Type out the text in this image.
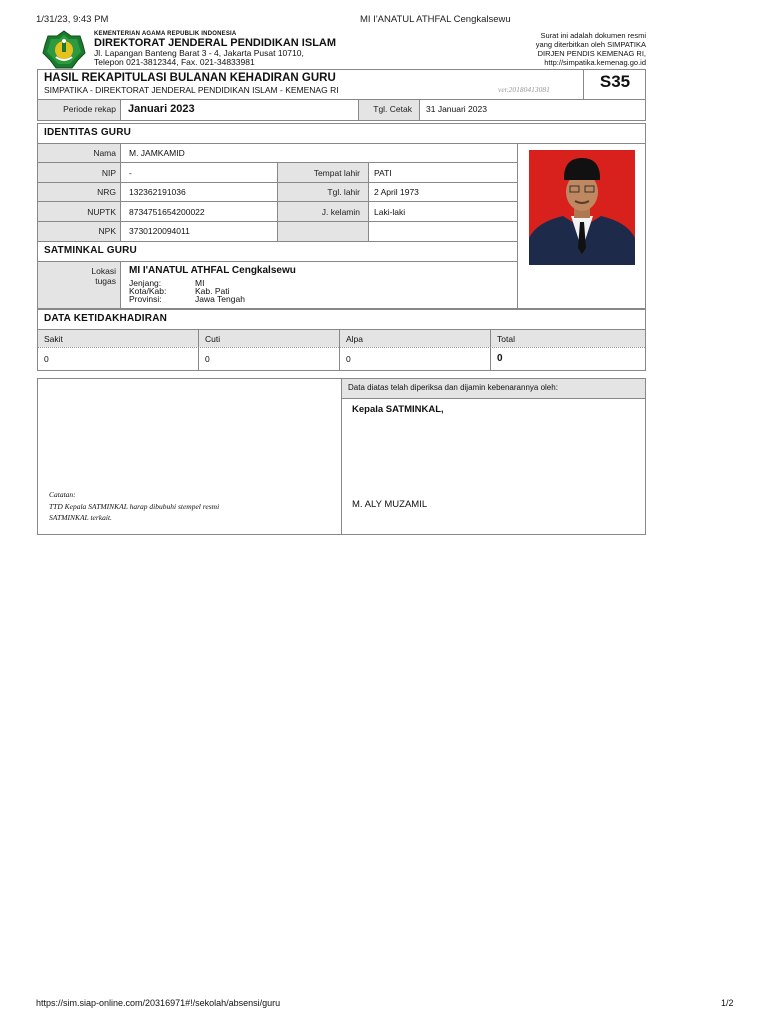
1/31/23, 9:43 PM	MI I'ANATUL ATHFAL Cengkalsewu
KEMENTERIAN AGAMA REPUBLIK INDONESIA
DIREKTORAT JENDERAL PENDIDIKAN ISLAM
Jl. Lapangan Banteng Barat 3 - 4, Jakarta Pusat 10710,
Telepon 021-3812344, Fax. 021-34833981
Surat ini adalah dokumen resmi
yang diterbitkan oleh SIMPATIKA
DIRJEN PENDIS KEMENAG RI,
http://simpatika.kemenag.go.id
HASIL REKAPITULASI BULANAN KEHADIRAN GURU
SIMPATIKA - DIREKTORAT JENDERAL PENDIDIKAN ISLAM - KEMENAG RI	ver.20180413081	S35
Periode rekap Januari 2023	Tgl. Cetak 31 Januari 2023
IDENTITAS GURU
Nama M. JAMKAMID
NIP -	Tempat lahir PATI
NRG 132362191036	Tgl. lahir 2 April 1973
NUPTK 8734751654200022	J. kelamin Laki-laki
NPK 3730120094011
SATMINKAL GURU
Lokasi
tugas
MI I'ANATUL ATHFAL Cengkalsewu
Jenjang:	MI
Kota/Kab:	Kab. Pati
Provinsi:	Jawa Tengah
DATA KETIDAKHADIRAN
Sakit	Cuti	Alpa	Total
0	0	0	0
Data diatas telah diperiksa dan dijamin kebenarannya oleh:
Kepala SATMINKAL,
M. ALY MUZAMIL
Catatan:
TTD Kepala SATMINKAL harap dibubuhi stempel resmi
SATMINKAL terkait.
https://sim.siap-online.com/20316971#!/sekolah/absensi/guru	1/2
